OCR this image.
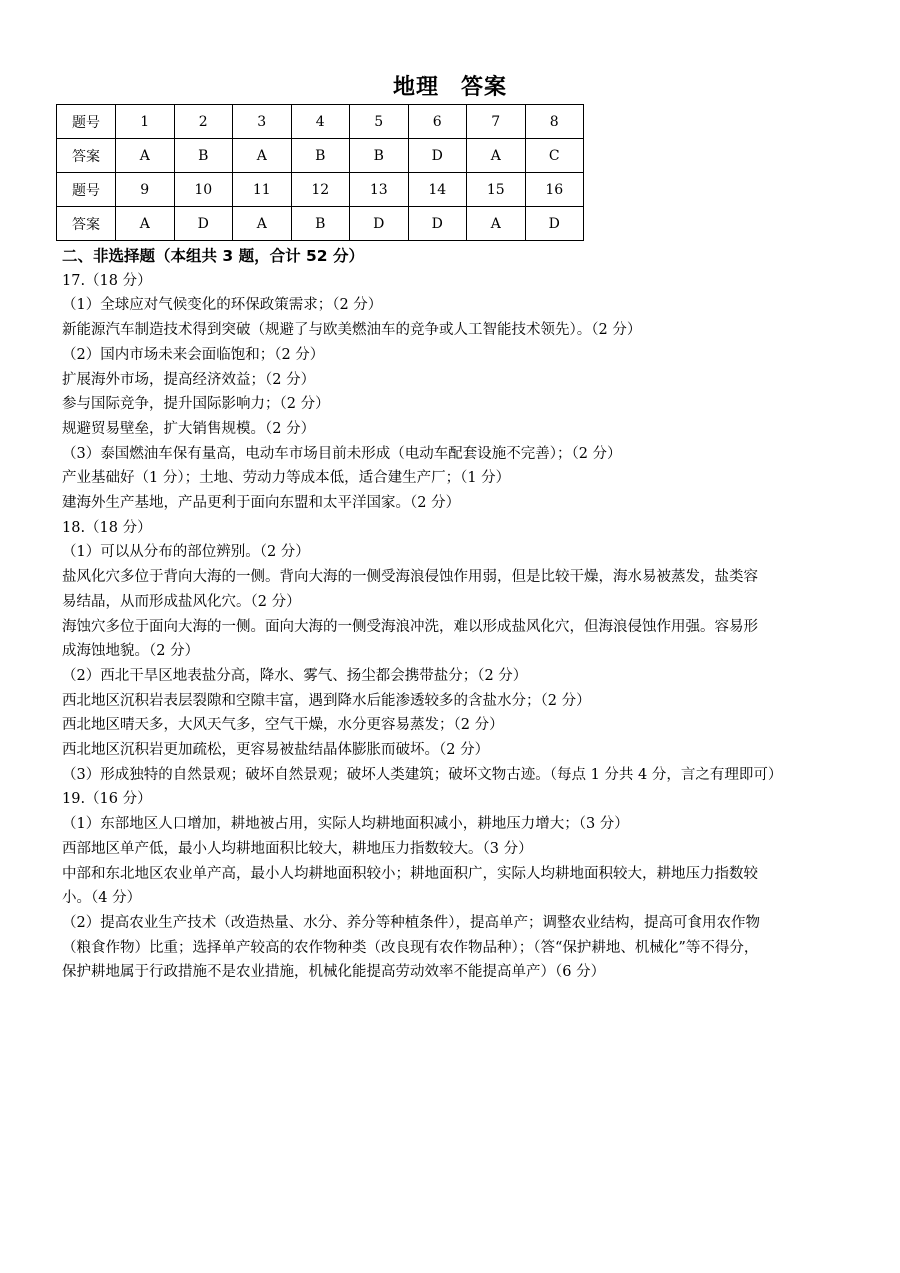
地理 答案
题号	1	2	3	4	5	6	7	8
答案	A	B	A	B	B	D	A	C
题号	9	10	11	12	13	14	15	16
答案	A	D	A	B	D	D	A	D

二、非选择题（本组共 3 题，合计 52 分）

17.（18 分）

（1）全球应对气候变化的环保政策需求；（2 分）

新能源汽车制造技术得到突破（规避了与欧美燃油车的竞争或人工智能技术领先）。（2 分）

（2）国内市场未来会面临饱和；（2 分）

扩展海外市场，提高经济效益；（2 分）

参与国际竞争，提升国际影响力；（2 分）

规避贸易壁垒，扩大销售规模。（2 分）

（3）泰国燃油车保有量高，电动车市场目前未形成（电动车配套设施不完善）；（2 分）

产业基础好（1 分）；土地、劳动力等成本低，适合建生产厂；（1 分）

建海外生产基地，产品更利于面向东盟和太平洋国家。（2 分）

18.（18 分）

（1）可以从分布的部位辨别。（2 分）

盐风化穴多位于背向大海的一侧。背向大海的一侧受海浪侵蚀作用弱，但是比较干燥，海水易被蒸发，盐类容

易结晶，从而形成盐风化穴。（2 分）

海蚀穴多位于面向大海的一侧。面向大海的一侧受海浪冲洗，难以形成盐风化穴，但海浪侵蚀作用强。容易形

成海蚀地貌。（2 分）

（2）西北干旱区地表盐分高，降水、雾气、扬尘都会携带盐分；（2 分）

西北地区沉积岩表层裂隙和空隙丰富，遇到降水后能渗透较多的含盐水分；（2 分）

西北地区晴天多，大风天气多，空气干燥，水分更容易蒸发；（2 分）

西北地区沉积岩更加疏松，更容易被盐结晶体膨胀而破坏。（2 分）

（3）形成独特的自然景观；破坏自然景观；破坏人类建筑；破坏文物古迹。（每点 1 分共 4 分，言之有理即可）

19.（16 分）

（1）东部地区人口增加，耕地被占用，实际人均耕地面积减小，耕地压力增大；（3 分）

西部地区单产低，最小人均耕地面积比较大，耕地压力指数较大。（3 分）

中部和东北地区农业单产高，最小人均耕地面积较小；耕地面积广，实际人均耕地面积较大，耕地压力指数较

小。（4 分）

（2）提高农业生产技术（改造热量、水分、养分等种植条件），提高单产；调整农业结构，提高可食用农作物

（粮食作物）比重；选择单产较高的农作物种类（改良现有农作物品种）；（答“保护耕地、机械化”等不得分，

保护耕地属于行政措施不是农业措施，机械化能提高劳动效率不能提高单产）（6 分）
